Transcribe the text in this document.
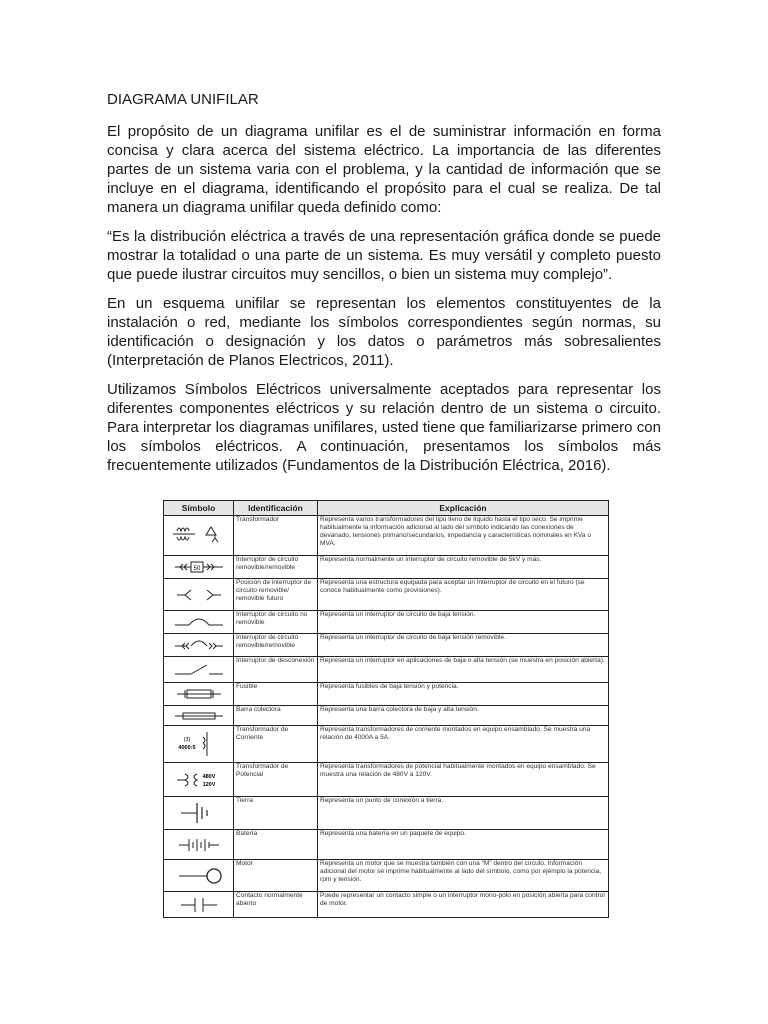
DIAGRAMA UNIFILAR

El propósito de un diagrama unifilar es el de suministrar información en forma concisa y clara acerca del sistema eléctrico. La importancia de las diferentes partes de un sistema varia con el problema, y la cantidad de información que se incluye en el diagrama, identificando el propósito para el cual se realiza. De tal manera un diagrama unifilar queda definido como:

“Es la distribución eléctrica a través de una representación gráfica donde se puede mostrar la totalidad o una parte de un sistema. Es muy versátil y completo puesto que puede ilustrar circuitos muy sencillos, o bien un sistema muy complejo”.

En un esquema unifilar se representan los elementos constituyentes de la instalación o red, mediante los símbolos correspondientes según normas, su identificación o designación y los datos o parámetros más sobresalientes (Interpretación de Planos Electricos, 2011).

Utilizamos Símbolos Eléctricos universalmente aceptados para representar los diferentes componentes eléctricos y su relación dentro de un sistema o circuito. Para interpretar los diagramas unifilares, usted tiene que familiarizarse primero con los símbolos eléctricos. A continuación, presentamos los símbolos más frecuentemente utilizados (Fundamentos de la Distribución Eléctrica, 2016).

Símbolo	Identificación	Explicación

	Transformador	Representa varios transformadores del tipo lleno de líquido hasta el tipo seco. Se imprime habitualmente la información adicional al lado del símbolo indicando las conexiones de devanado, tensiones primario/secundarios, impedancia y características nominales en KVa o MVA.

50	Interruptor de circuito removible/removible	Representa normalmente un interruptor de circuito removible de 5kV y más.

	Posición de interruptor de circuito removible/ removible futuro	Representa una estructura equipada para aceptar un interruptor de circuito en el futuro (se conoce habitualmente como provisiones).

	Interruptor de circuito no removible	Representa un interruptor de circuito de baja tensión.

	Interruptor de circuito removible/removible	Representa un interruptor de circuito de baja tensión removible.

	Interruptor de desconexión	Representa un interruptor en aplicaciones de baja o alta tensión (se muestra en posición abierta).

	Fusible	Representa fusibles de baja tensión y potencia.

	Barra colectora	Representa una barra colectora de baja y alta tensión.

(3)
4000:5	Transformador de Corriente	Representa transformadores de corriente montados en equipo ensamblado. Se muestra una relación de 4000A a 5A.

480V
120V	Transformador de Potencial	Representa transformadores de potencial habitualmente montados en equipo ensamblado. Se muestra una relación de 480V a 120V.

	Tierra	Representa un punto de conexión a tierra.

	Batería	Representa una batería en un paquete de equipo.

	Motor	Representa un motor que se muestra también con una “M” dentro del círculo. Información adicional del motor se imprime habitualmente al lado del símbolo, como por ejemplo la potencia, rpm y tensión.

	Contacto normalmente abierto	Puede representar un contacto simple o un interruptor mono-polo en posición abierta para control de motor.
